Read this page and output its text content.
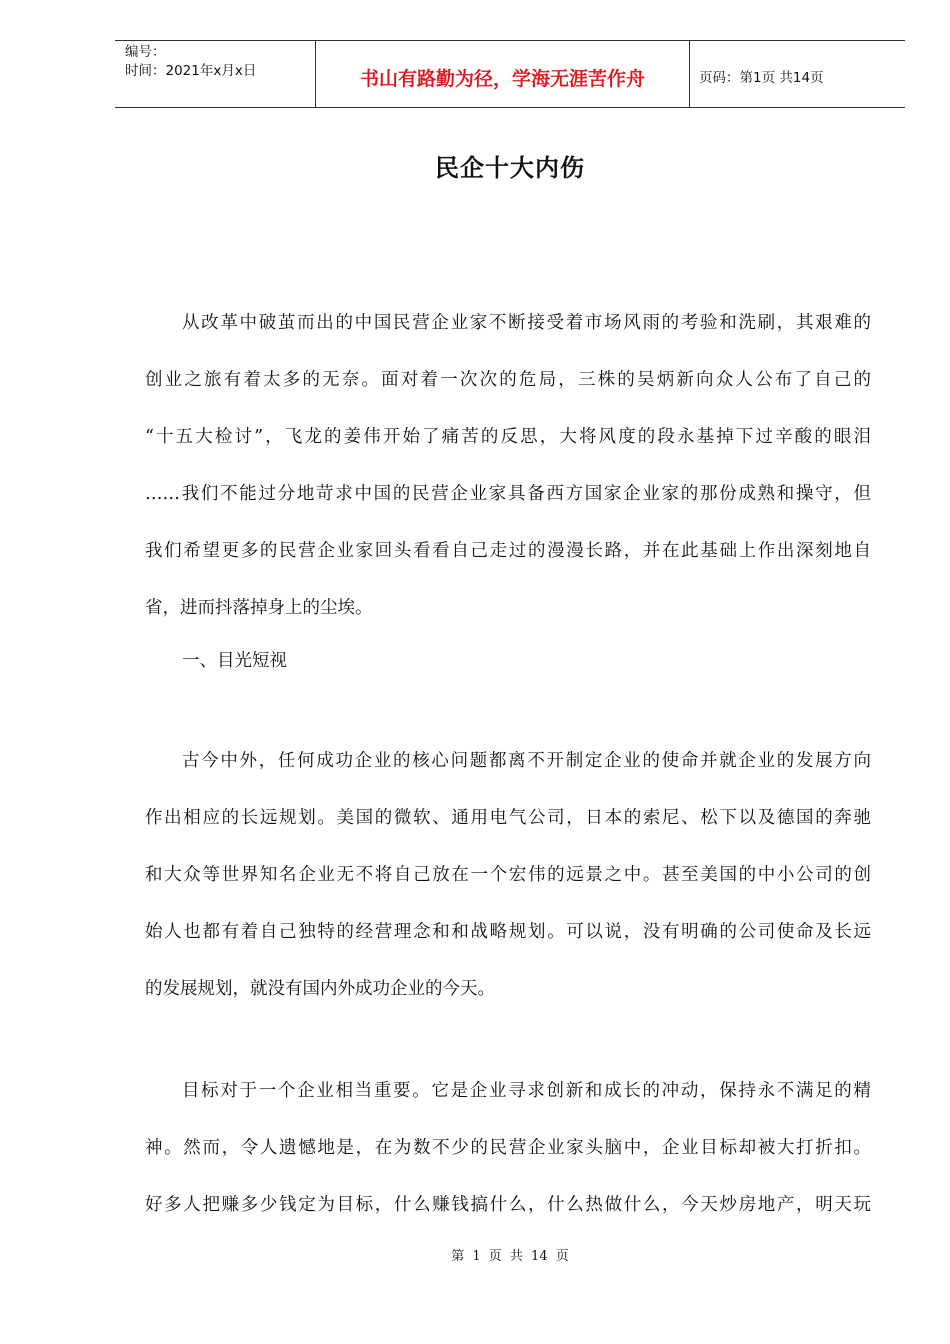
编号：
时间：2021年x月x日	书山有路勤为径，学海无涯苦作舟	页码：第1页 共14页
民企十大内伤
从改革中破茧而出的中国民营企业家不断接受着市场风雨的考验和洗刷，其艰难的
创业之旅有着太多的无奈。面对着一次次的危局，三株的吴炳新向众人公布了自己的
“十五大检讨”，飞龙的姜伟开始了痛苦的反思，大将风度的段永基掉下过辛酸的眼泪
……我们不能过分地苛求中国的民营企业家具备西方国家企业家的那份成熟和操守，但
我们希望更多的民营企业家回头看看自己走过的漫漫长路，并在此基础上作出深刻地自
省，进而抖落掉身上的尘埃。
一、目光短视
古今中外，任何成功企业的核心问题都离不开制定企业的使命并就企业的发展方向
作出相应的长远规划。美国的微软、通用电气公司，日本的索尼、松下以及德国的奔驰
和大众等世界知名企业无不将自己放在一个宏伟的远景之中。甚至美国的中小公司的创
始人也都有着自己独特的经营理念和和战略规划。可以说，没有明确的公司使命及长远
的发展规划，就没有国内外成功企业的今天。
目标对于一个企业相当重要。它是企业寻求创新和成长的冲动，保持永不满足的精
神。然而，令人遗憾地是，在为数不少的民营企业家头脑中，企业目标却被大打折扣。
好多人把赚多少钱定为目标，什么赚钱搞什么，什么热做什么，今天炒房地产，明天玩
第 1 页 共 14 页
